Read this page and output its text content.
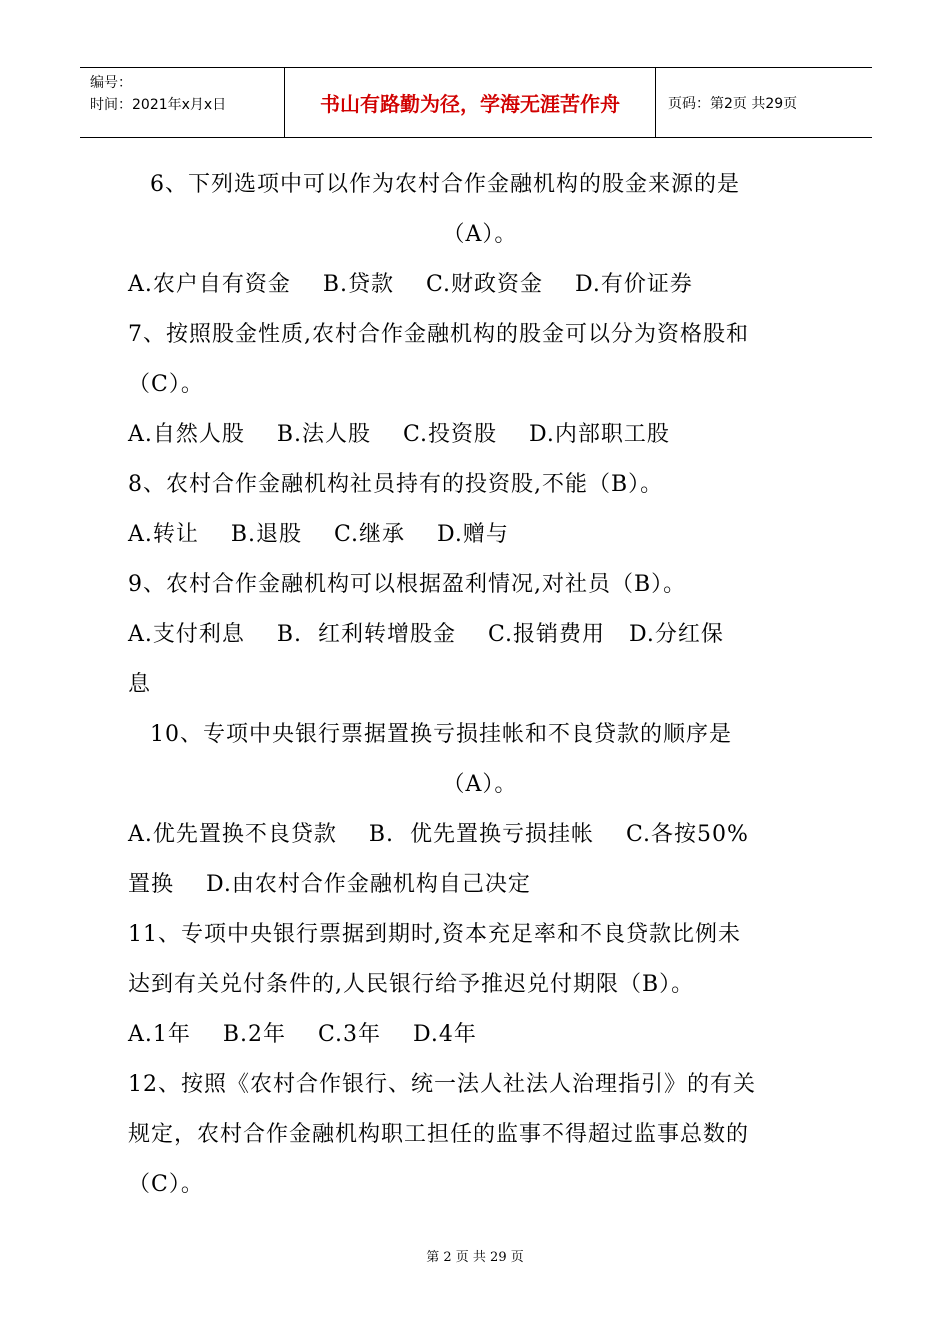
编号：
时间：2021年x月x日	书山有路勤为径，学海无涯苦作舟	页码：第2页 共29页
6、下列选项中可以作为农村合作金融机构的股金来源的是
（A）。
A.农户自有资金    B.贷款    C.财政资金    D.有价证券
7、按照股金性质,农村合作金融机构的股金可以分为资格股和
（C）。
A.自然人股    B.法人股    C.投资股    D.内部职工股
8、农村合作金融机构社员持有的投资股,不能（B）。
A.转让    B.退股    C.继承    D.赠与
9、农村合作金融机构可以根据盈利情况,对社员（B）。
A.支付利息    B.  红利转增股金    C.报销费用   D.分红保
息
10、专项中央银行票据置换亏损挂帐和不良贷款的顺序是
（A）。
A.优先置换不良贷款    B.  优先置换亏损挂帐    C.各按50%
置换    D.由农村合作金融机构自己决定
11、专项中央银行票据到期时,资本充足率和不良贷款比例未
达到有关兑付条件的,人民银行给予推迟兑付期限（B）。
A.1年    B.2年    C.3年    D.4年
12、按照《农村合作银行、统一法人社法人治理指引》的有关
规定，农村合作金融机构职工担任的监事不得超过监事总数的
（C）。
第 2 页 共 29 页
